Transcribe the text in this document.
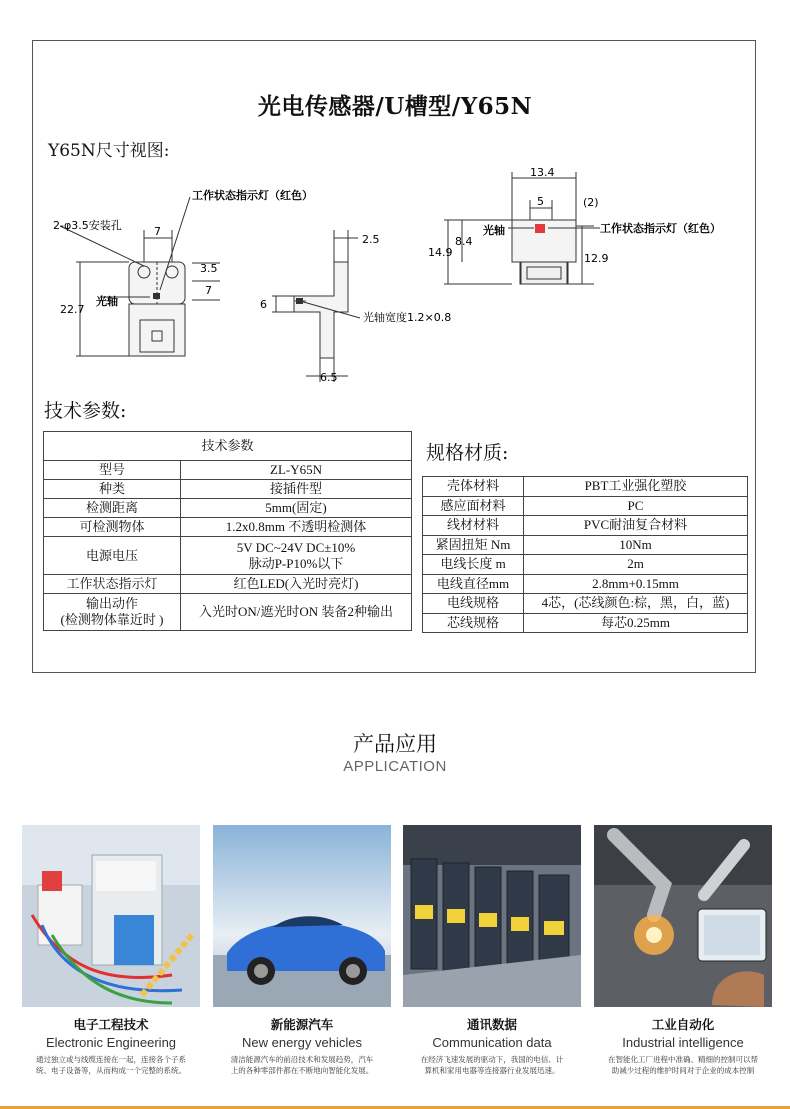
光电传感器/U槽型/Y65N
Y65N尺寸视图:
2-φ3.5安装孔
工作状态指示灯（红色）
7
3.5
7
22.7
光轴
2.5
6
6.5
光轴宽度1.2×0.8
13.4
5	(2)
光轴	工作状态指示灯（红色）
8.4
14.9	12.9
技术参数:
技术参数	
型号	ZL-Y65N
种类	接插件型
检测距离	5mm(固定)
可检测物体	1.2x0.8mm 不透明检测体
电源电压	5V DC~24V DC±10%
脉动P-P10%以下

工作状态指示灯	红色LED(入光时亮灯)

输出动作
(检测物体靠近时 )	入光时ON/遮光时ON 装备2种输出
规格材质:
壳体材料	PBT工业强化塑胶
感应面材料	PC
线材材料	PVC耐油复合材料
紧固扭矩 Nm	10Nm
电线长度 m	2m
电线直径mm	2.8mm+0.15mm
电线规格	4芯，(芯线颜色:棕，黑，白，蓝)
芯线规格	每芯0.25mm
产品应用
APPLICATION
电子工程技术
Electronic Engineering
通过独立或与线缆连接在一起，连接各个子系
统、电子设备等，从而构成一个完整的系统。
新能源汽车
New energy vehicles
清洁能源汽车的前沿技术和发展趋势，汽车
上的各种零部件都在不断地向智能化发展。
通讯数据
Communication data
在经济飞速发展的驱动下，我国的电信、计
算机和家用电器等连接器行业发展迅速。
工业自动化
Industrial intelligence
在智能化工厂进程中准确、精细的控制可以帮
助减少过程的维护时间对于企业的成本控制
